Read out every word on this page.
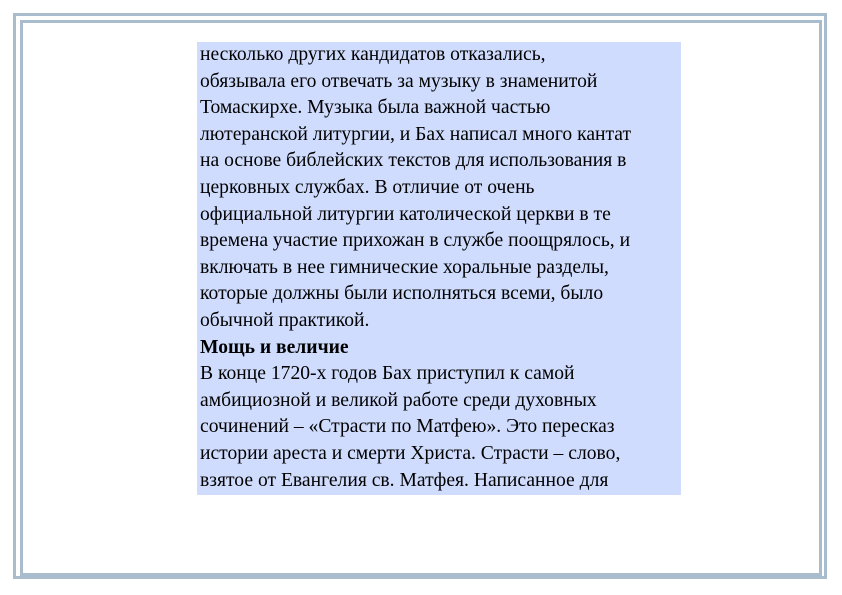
несколько других кандидатов отказались,
обязывала его отвечать за музыку в знаменитой
Томаскирхе. Музыка была важной частью
лютеранской литургии, и Бах написал много кантат
на основе библейских текстов для использования в
церковных службах. В отличие от очень
официальной литургии католической церкви в те
времена участие прихожан в службе поощрялось, и
включать в нее гимнические хоральные разделы,
которые должны были исполняться всеми, было
обычной практикой.

Мощь и величие

В конце 1720-х годов Бах приступил к самой
амбициозной и великой работе среди духовных
сочинений – «Страсти по Матфею». Это пересказ
истории ареста и смерти Христа. Страсти – слово,
взятое от Евангелия св. Матфея. Написанное для
